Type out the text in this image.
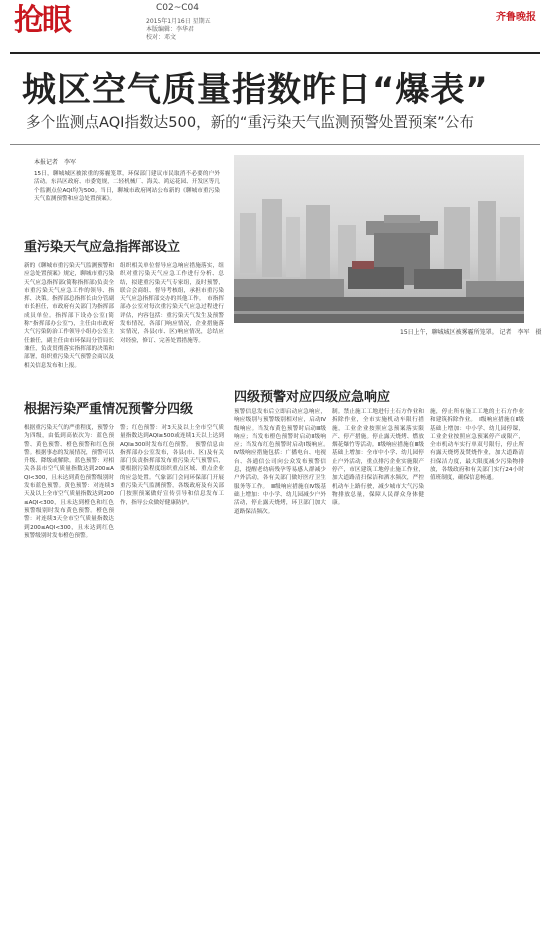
抢眼	C02~C04
2015年1月16日 星期五
本版编辑：李华君
校对：邓文
齐鲁晚报
城区空气质量指数昨日“爆表”
多个监测点AQI指数达500，新的“重污染天气监测预警处置预案”公布
本报记者　李军
15日，聊城城区被浓重的雾霾笼罩，环保部门建议市民取消不必要的户外活动。东昌区政府、市委宽规，二轻机械厂、海关、鸿运花园、开发区等几个监测点位AQI均为500。当日，聊城市政府网站公布新的《聊城市重污染天气监测预警和应急处置预案》。
15日上午，聊城城区被雾霾所笼罩。 记者　李军　摄
重污染天气应急指挥部设立
新的《聊城市重污染天气监测预警和应急处置预案》规定，聊城市重污染天气应急指挥部(简称指挥部)负责全市重污染天气应急工作的领导、指挥、决策。指挥部总指挥长由分管副市长担任，市政府有关部门为指挥部成员单位。指挥部下设办公室(简称“指挥部办公室”)，主任由市政府大气污染防治工作领导小组办公室主任兼任，副主任由市环保局分管局长兼任，负责贯彻落实指挥部的决策和部署，组织重污染天气预警会商以及相关信息发布和上报。
组织相关单位督导应急响应措施落实，组织对重污染天气应急工作进行分析、总结，拟建重污染天气专家组，及时预警，联合会商组、督导考核组，承担市重污染天气应急指挥部交办的其他工作。　市指挥部办公室对每次重污染天气应急过程进行评估，内容包括：重污染天气发生及预警发布情况，各部门响应情况，企业措施落实情况，各县(市、区)响应情况，总结应对经验，修订、完善处置措施等。
根据污染严重情况预警分四级
根据重污染天气的严重程度，预警分为四级，由低到高依次为：蓝色预警、黄色预警、橙色预警和红色预警。根据事态的发展情况，预警可以升级、降级或解除。蓝色预警：对相关各县市空气质量指数达到200≤AQI<300，且未达到黄色预警级别时发布蓝色预警。黄色预警：对连续3天及以上全市空气质量指数达到200≤AQI<300，且未达到橙色和红色预警级别时发布黄色预警。橙色预警：对连续3天全市空气质量指数达到200≤AQI<300，且未达到红色预警级别时发布橙色预警。
警；红色预警：对3天及以上全市空气质量指数达到AQI≥500或连续1天以上达到AQI≥300时发布红色预警。　预警信息由指挥部办公室发布，各县(市、区)及有关部门负责指挥部发布重污染天气预警后，要根据污染程度组织重点区域、重点企业的应急处置。气象部门会同环保部门开展重污染天气监测预警，各级政府及有关部门按照预案做好宣传引导和信息发布工作，指导公众做好健康防护。
四级预警对应四级应急响应
预警信息发布后立即启动应急响应，响应级别与预警级别相对应，启动Ⅳ级响应。当发布黄色预警时启动Ⅲ级响应；当发布橙色预警时启动Ⅱ级响应；当发布红色预警时启动Ⅰ级响应。　Ⅳ级响应措施包括：广播电台、电视台、各通信公司向公众发布预警信息，提醒老幼病残孕等易感人群减少户外活动，各有关部门做好医疗卫生服务等工作。　Ⅲ级响应措施在Ⅳ级基础上增加：中小学、幼儿园减少户外活动，停止露天烧烤，环卫部门加大道路保洁频次。
制。禁止施工工地进行土石方作业和拆除作业，全市实施机动车限行措施，工业企业按照应急预案落实限产、停产措施。停止露天烧烤、燃放烟花爆竹等活动。Ⅱ级响应措施在Ⅲ级基础上增加：全市中小学、幼儿园停止户外活动，重点排污企业实施限产停产，市区建筑工地停止施工作业，加大道路清扫保洁和洒水频次，严控机动车上路行驶，减少城市大气污染物排放总量，保障人民群众身体健康。
施，停止所有施工工地的土石方作业和建筑拆除作业。　Ⅰ级响应措施在Ⅱ级基础上增加：中小学、幼儿园停课，工业企业按照应急预案停产或限产，全市机动车实行单双号限行，停止所有露天烧烤及焚烧作业，加大道路清扫保洁力度，最大限度减少污染物排放，各级政府和有关部门实行24小时值班制度，确保信息畅通。
